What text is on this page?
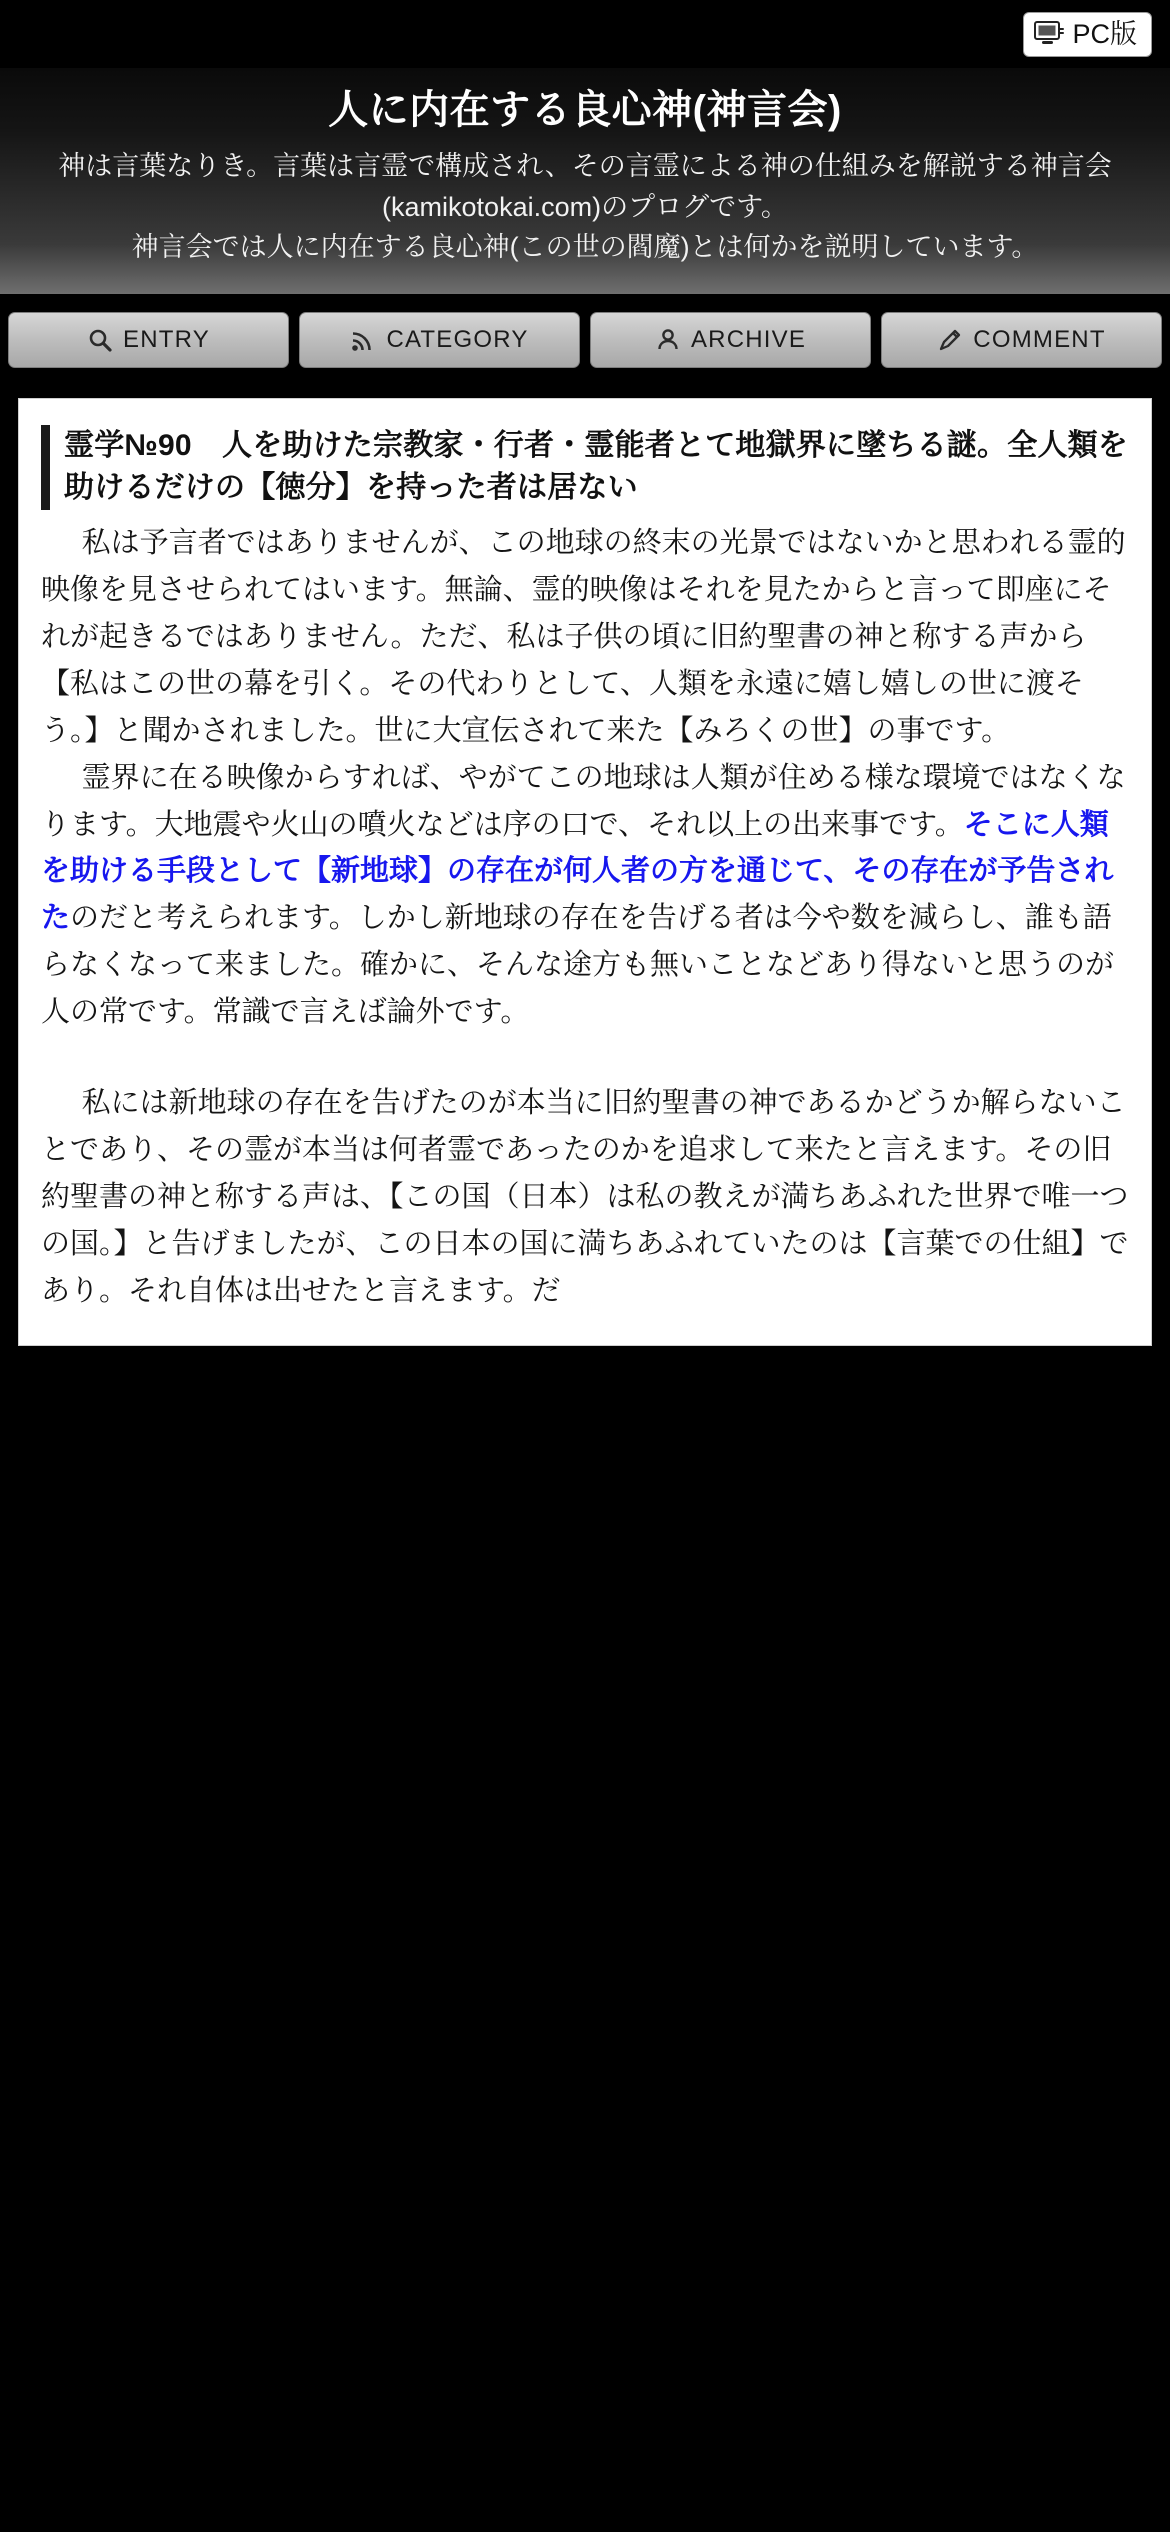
PC版
人に内在する良心神(神言会)

神は言葉なりき。言葉は言霊で構成され、その言霊による神の仕組みを解説する神言会(kamikotokai.com)のプログです。

神言会では人に内在する良心神(この世の閻魔)とは何かを説明しています。

ENTRY	CATEGORY	ARCHIVE	COMMENT
霊学№90　人を助けた宗教家・行者・霊能者とて地獄界に墜ちる謎。全人類を助けるだけの【徳分】を持った者は居ない

私は予言者ではありませんが、この地球の終末の光景ではないかと思われる霊的映像を見させられてはいます。無論、霊的映像はそれを見たからと言って即座にそれが起きるではありません。ただ、私は子供の頃に旧約聖書の神と称する声から【私はこの世の幕を引く。その代わりとして、人類を永遠に嬉し嬉しの世に渡そう。】と聞かされました。世に大宣伝されて来た【みろくの世】の事です。

霊界に在る映像からすれば、やがてこの地球は人類が住める様な環境ではなくなります。大地震や火山の噴火などは序の口で、それ以上の出来事です。そこに人類を助ける手段として【新地球】の存在が何人者の方を通じて、その存在が予告されたのだと考えられます。しかし新地球の存在を告げる者は今や数を減らし、誰も語らなくなって来ました。確かに、そんな途方も無いことなどあり得ないと思うのが人の常です。常識で言えば論外です。

私には新地球の存在を告げたのが本当に旧約聖書の神であるかどうか解らないことであり、その霊が本当は何者霊であったのかを追求して来たと言えます。その旧約聖書の神と称する声は、【この国（日本）は私の教えが満ちあふれた世界で唯一つの国。】と告げましたが、この日本の国に満ちあふれていたのは【言葉での仕組】であり。それ自体は出せたと言えます。だ
